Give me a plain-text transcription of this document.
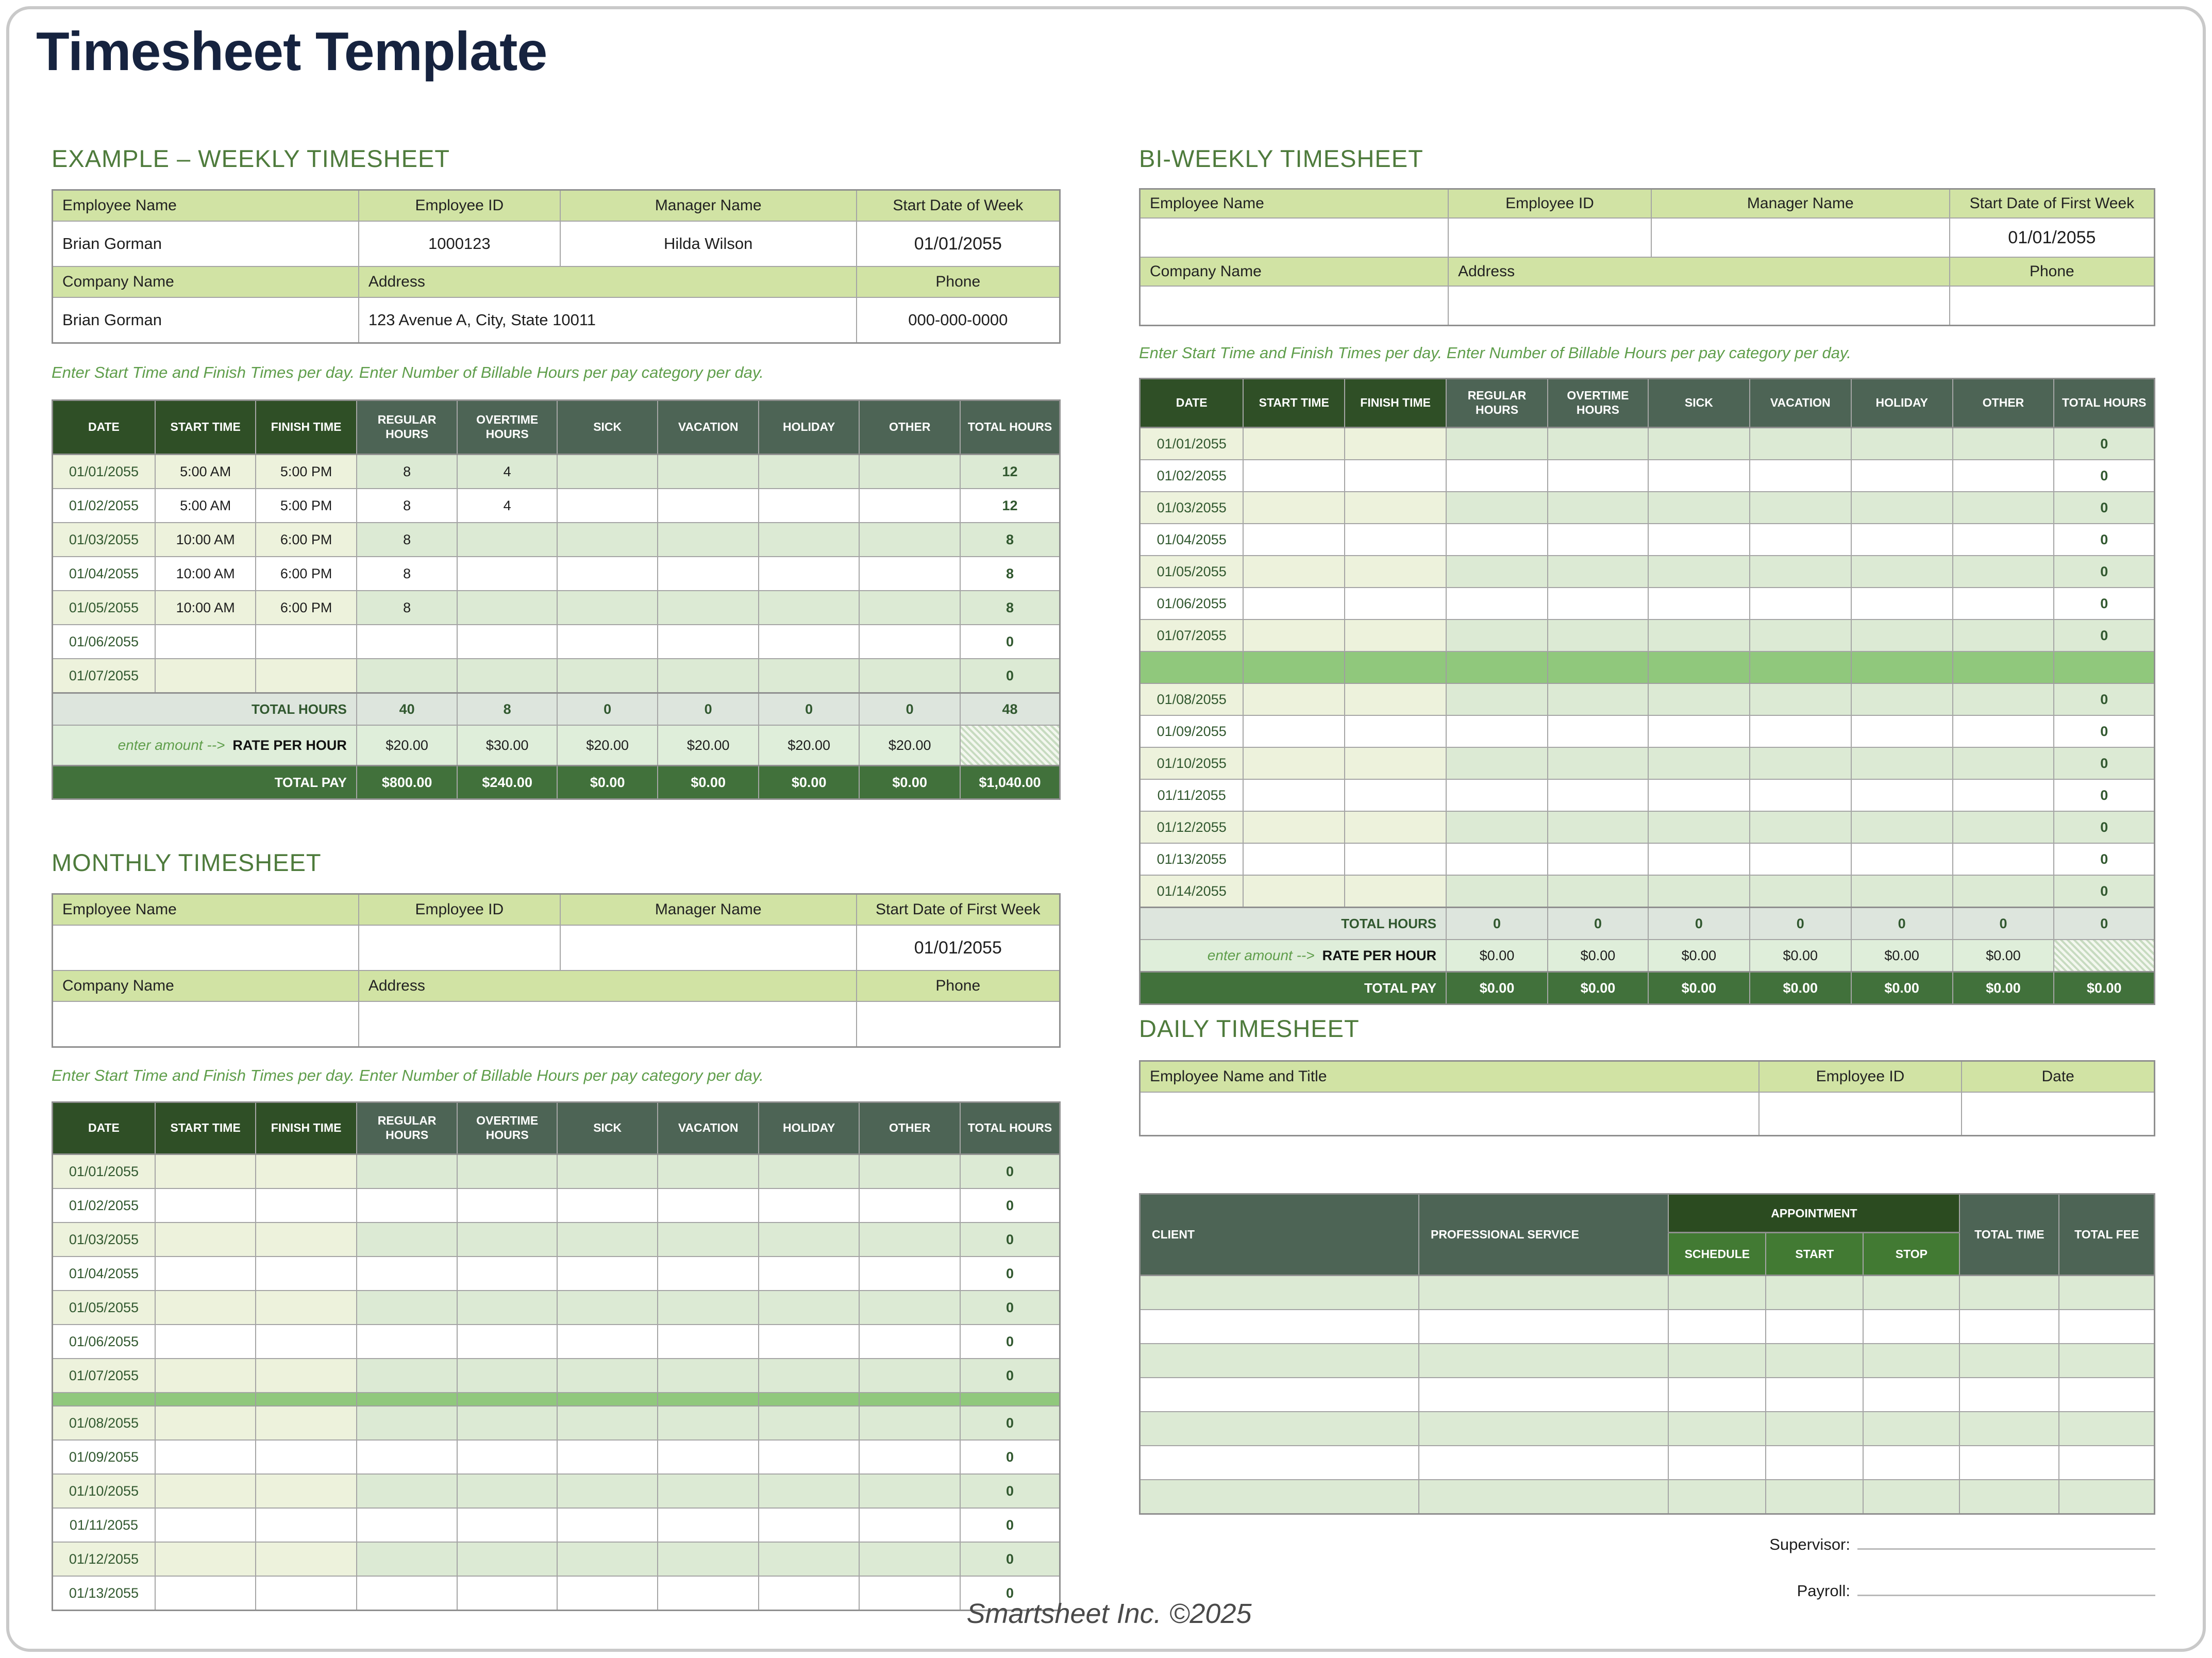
Timesheet Template
EXAMPLE – WEEKLY TIMESHEET
Employee Name	Employee ID	Manager Name	Start Date of Week
Brian Gorman	1000123	Hilda Wilson	01/01/2055
Company Name	Address		Phone
Brian Gorman	123 Avenue A, City, State 10011		000-000-0000
Enter Start Time and Finish Times per day. Enter Number of Billable Hours per pay category per day.
DATE	START TIME	FINISH TIME	REGULAR HOURS	OVERTIME HOURS	SICK	VACATION	HOLIDAY	OTHER	TOTAL HOURS
01/01/2055	5:00 AM	5:00 PM	8	4					12
01/02/2055	5:00 AM	5:00 PM	8	4					12
01/03/2055	10:00 AM	6:00 PM	8						8
01/04/2055	10:00 AM	6:00 PM	8						8
01/05/2055	10:00 AM	6:00 PM	8						8
01/06/2055									0
01/07/2055									0
TOTAL HOURS			40	8	0	0	0	0	48
enter amount --> RATE PER HOUR			$20.00	$30.00	$20.00	$20.00	$20.00	$20.00	
TOTAL PAY			$800.00	$240.00	$0.00	$0.00	$0.00	$0.00	$1,040.00
MONTHLY TIMESHEET
Employee Name	Employee ID	Manager Name	Start Date of First Week
			01/01/2055
Company Name	Address		Phone

Enter Start Time and Finish Times per day. Enter Number of Billable Hours per pay category per day.
DATE	START TIME	FINISH TIME	REGULAR HOURS	OVERTIME HOURS	SICK	VACATION	HOLIDAY	OTHER	TOTAL HOURS
01/01/2055									0
01/02/2055									0
01/03/2055									0
01/04/2055									0
01/05/2055									0
01/06/2055									0
01/07/2055									0

01/08/2055									0
01/09/2055									0
01/10/2055									0
01/11/2055									0
01/12/2055									0
01/13/2055									0
BI-WEEKLY TIMESHEET
Employee Name	Employee ID	Manager Name	Start Date of First Week
			01/01/2055
Company Name	Address		Phone

Enter Start Time and Finish Times per day. Enter Number of Billable Hours per pay category per day.
DATE	START TIME	FINISH TIME	REGULAR HOURS	OVERTIME HOURS	SICK	VACATION	HOLIDAY	OTHER	TOTAL HOURS
01/01/2055									0
01/02/2055									0
01/03/2055									0
01/04/2055									0
01/05/2055									0
01/06/2055									0
01/07/2055									0

01/08/2055									0
01/09/2055									0
01/10/2055									0
01/11/2055									0
01/12/2055									0
01/13/2055									0
01/14/2055									0
TOTAL HOURS			0	0	0	0	0	0	0
enter amount --> RATE PER HOUR			$0.00	$0.00	$0.00	$0.00	$0.00	$0.00	
TOTAL PAY			$0.00	$0.00	$0.00	$0.00	$0.00	$0.00	$0.00
DAILY TIMESHEET
Employee Name and Title	Employee ID	Date

CLIENT	PROFESSIONAL SERVICE	APPOINTMENT			TOTAL TIME	TOTAL FEE
		SCHEDULE	START	STOP		

Supervisor:
Payroll:
Smartsheet Inc. ©2025
